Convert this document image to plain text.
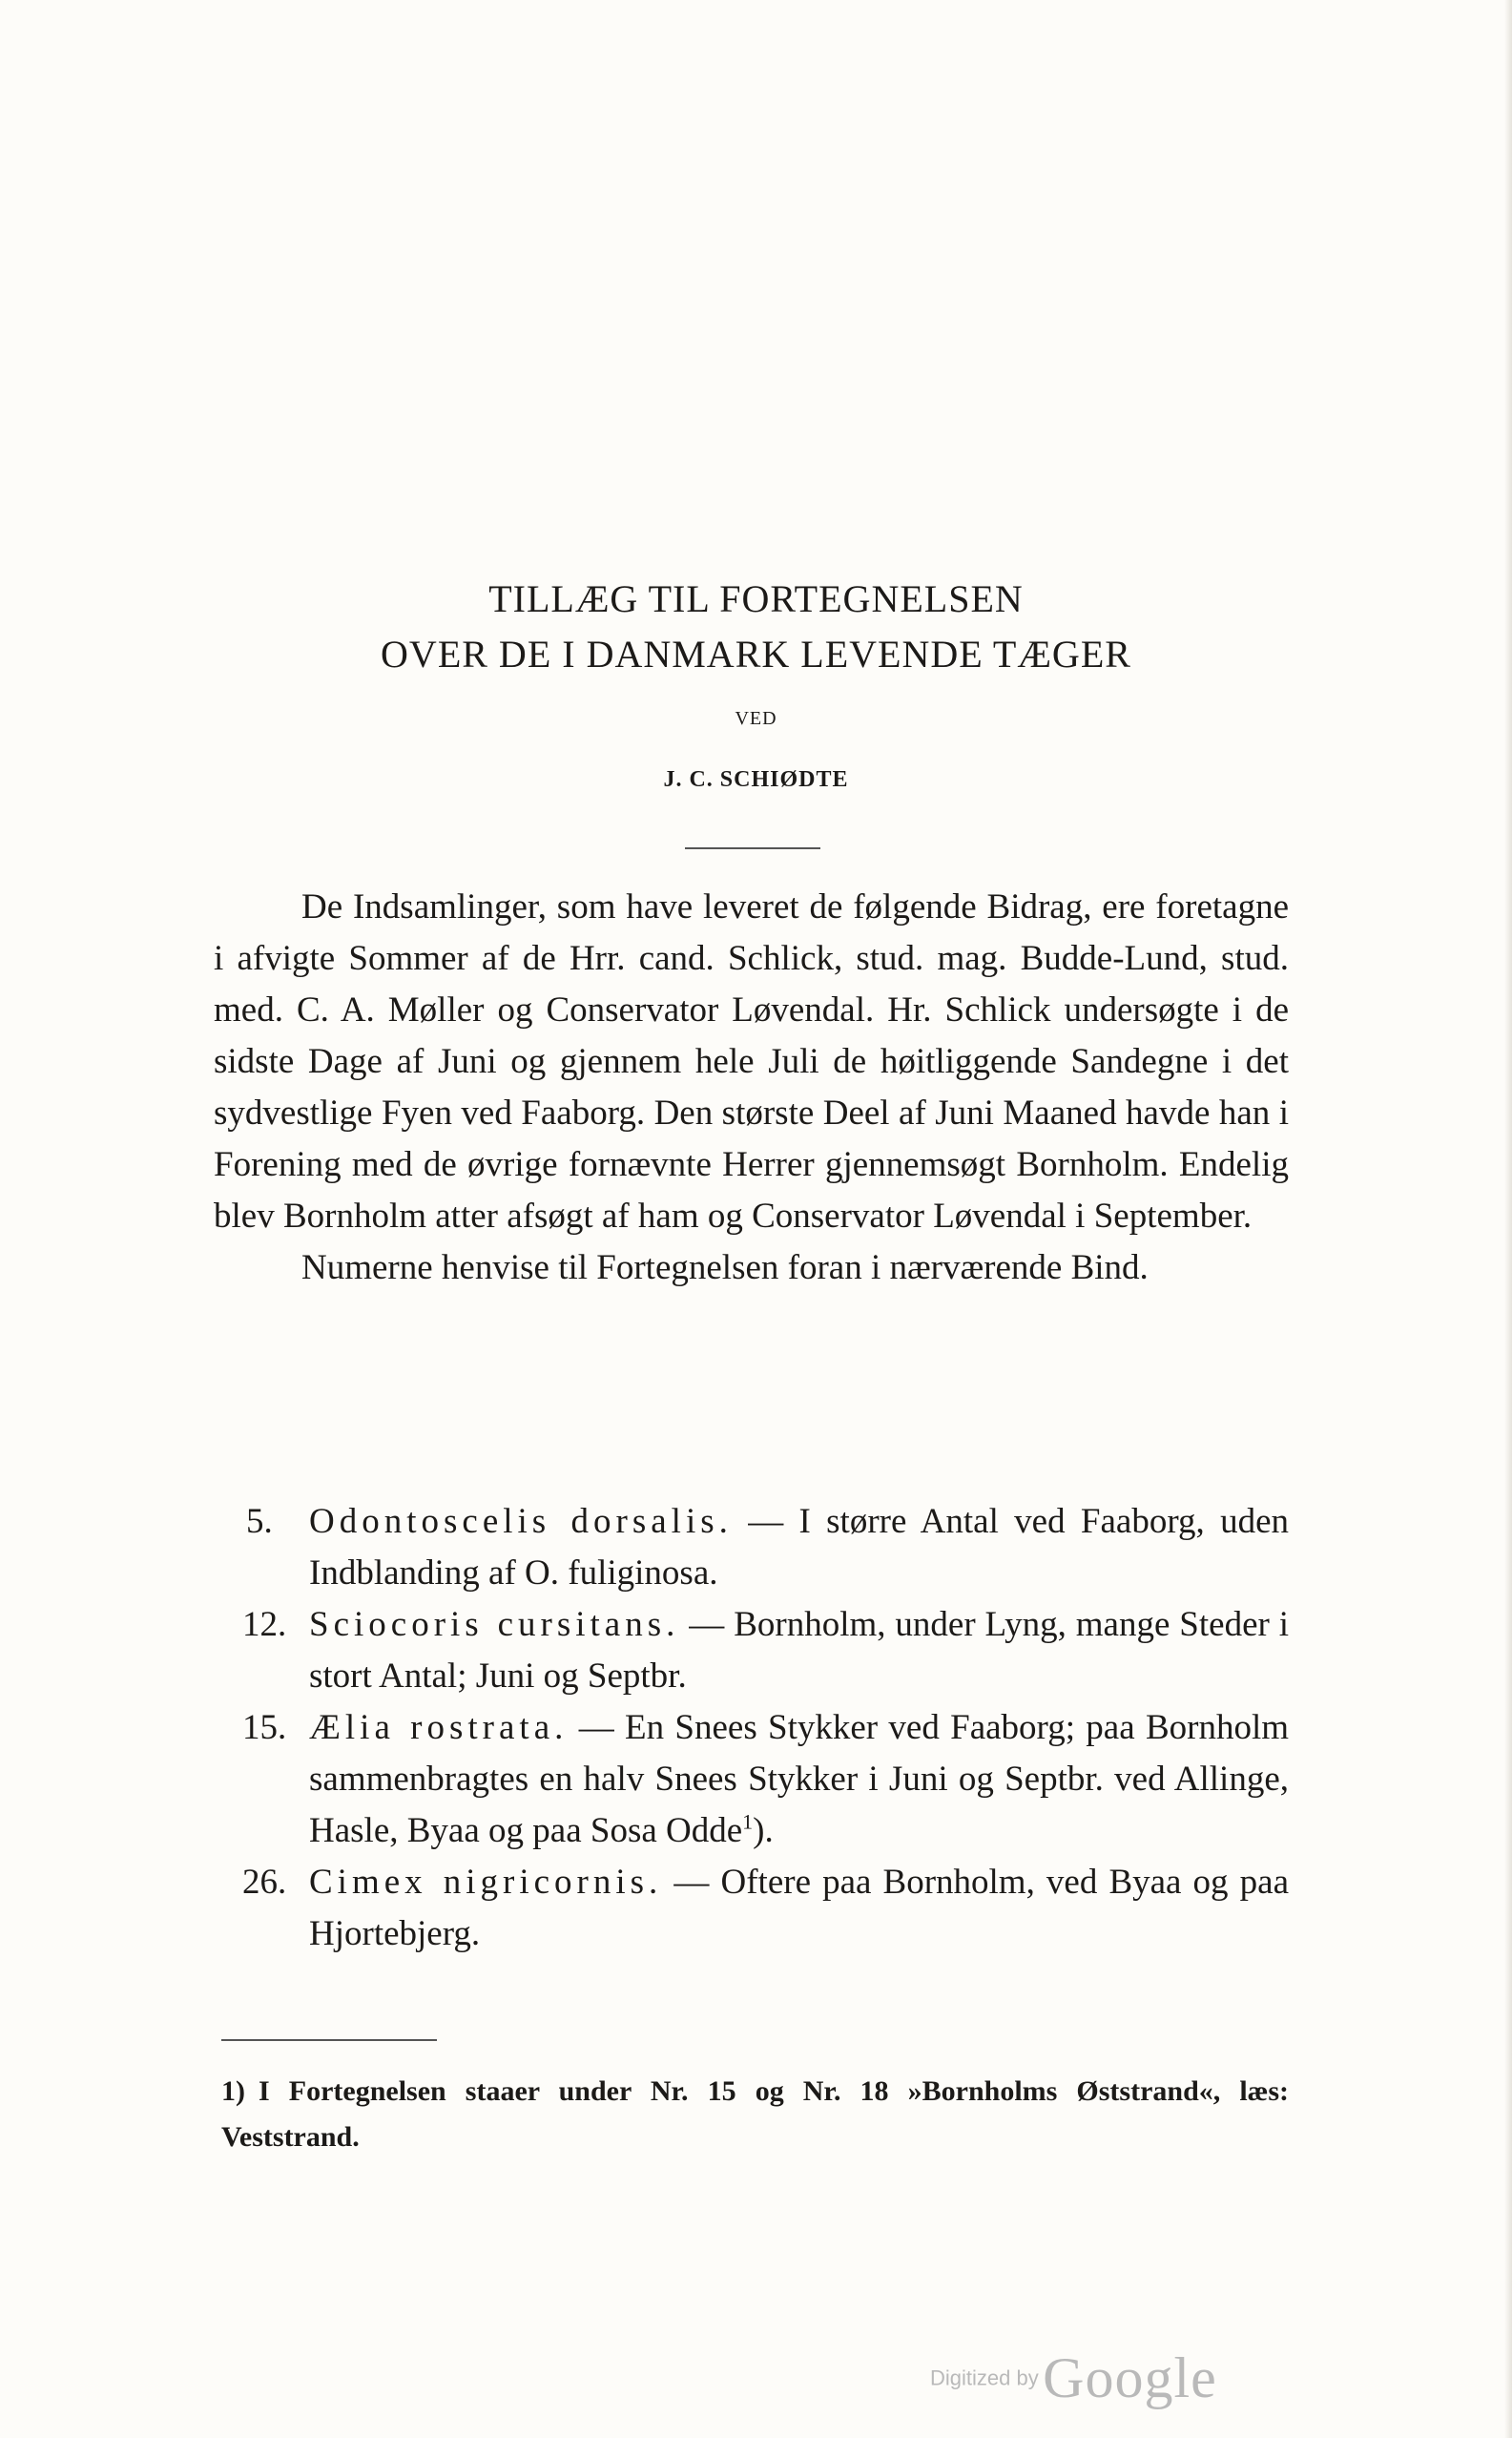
TILLÆG TIL FORTEGNELSEN
OVER DE I DANMARK LEVENDE TÆGER
VED
J. C. SCHIØDTE

De Indsamlinger, som have leveret de følgende Bidrag, ere foretagne i afvigte Sommer af de Hrr. cand. Schlick, stud. mag. Budde-Lund, stud. med. C. A. Møller og Conservator Løvendal. Hr. Schlick undersøgte i de sidste Dage af Juni og gjennem hele Juli de høitliggende Sandegne i det sydvestlige Fyen ved Faaborg. Den største Deel af Juni Maaned havde han i Forening med de øvrige fornævnte Herrer gjennemsøgt Bornholm. Endelig blev Bornholm atter afsøgt af ham og Conservator Løvendal i September.

Numerne henvise til Fortegnelsen foran i nærværende Bind.

5. Odontoscelis dorsalis. — I større Antal ved Faaborg, uden Indblanding af O. fuliginosa.

12. Sciocoris cursitans. — Bornholm, under Lyng, mange Steder i stort Antal; Juni og Septbr.

15. Ælia rostrata. — En Snees Stykker ved Faaborg; paa Bornholm sammenbragtes en halv Snees Stykker i Juni og Septbr. ved Allinge, Hasle, Byaa og paa Sosa Odde$^1$).

26. Cimex nigricornis. — Oftere paa Bornholm, ved Byaa og paa Hjortebjerg.

1) I Fortegnelsen staaer under Nr. 15 og Nr. 18 »Bornholms Øststrand«, læs: Veststrand.
Digitized by Google
